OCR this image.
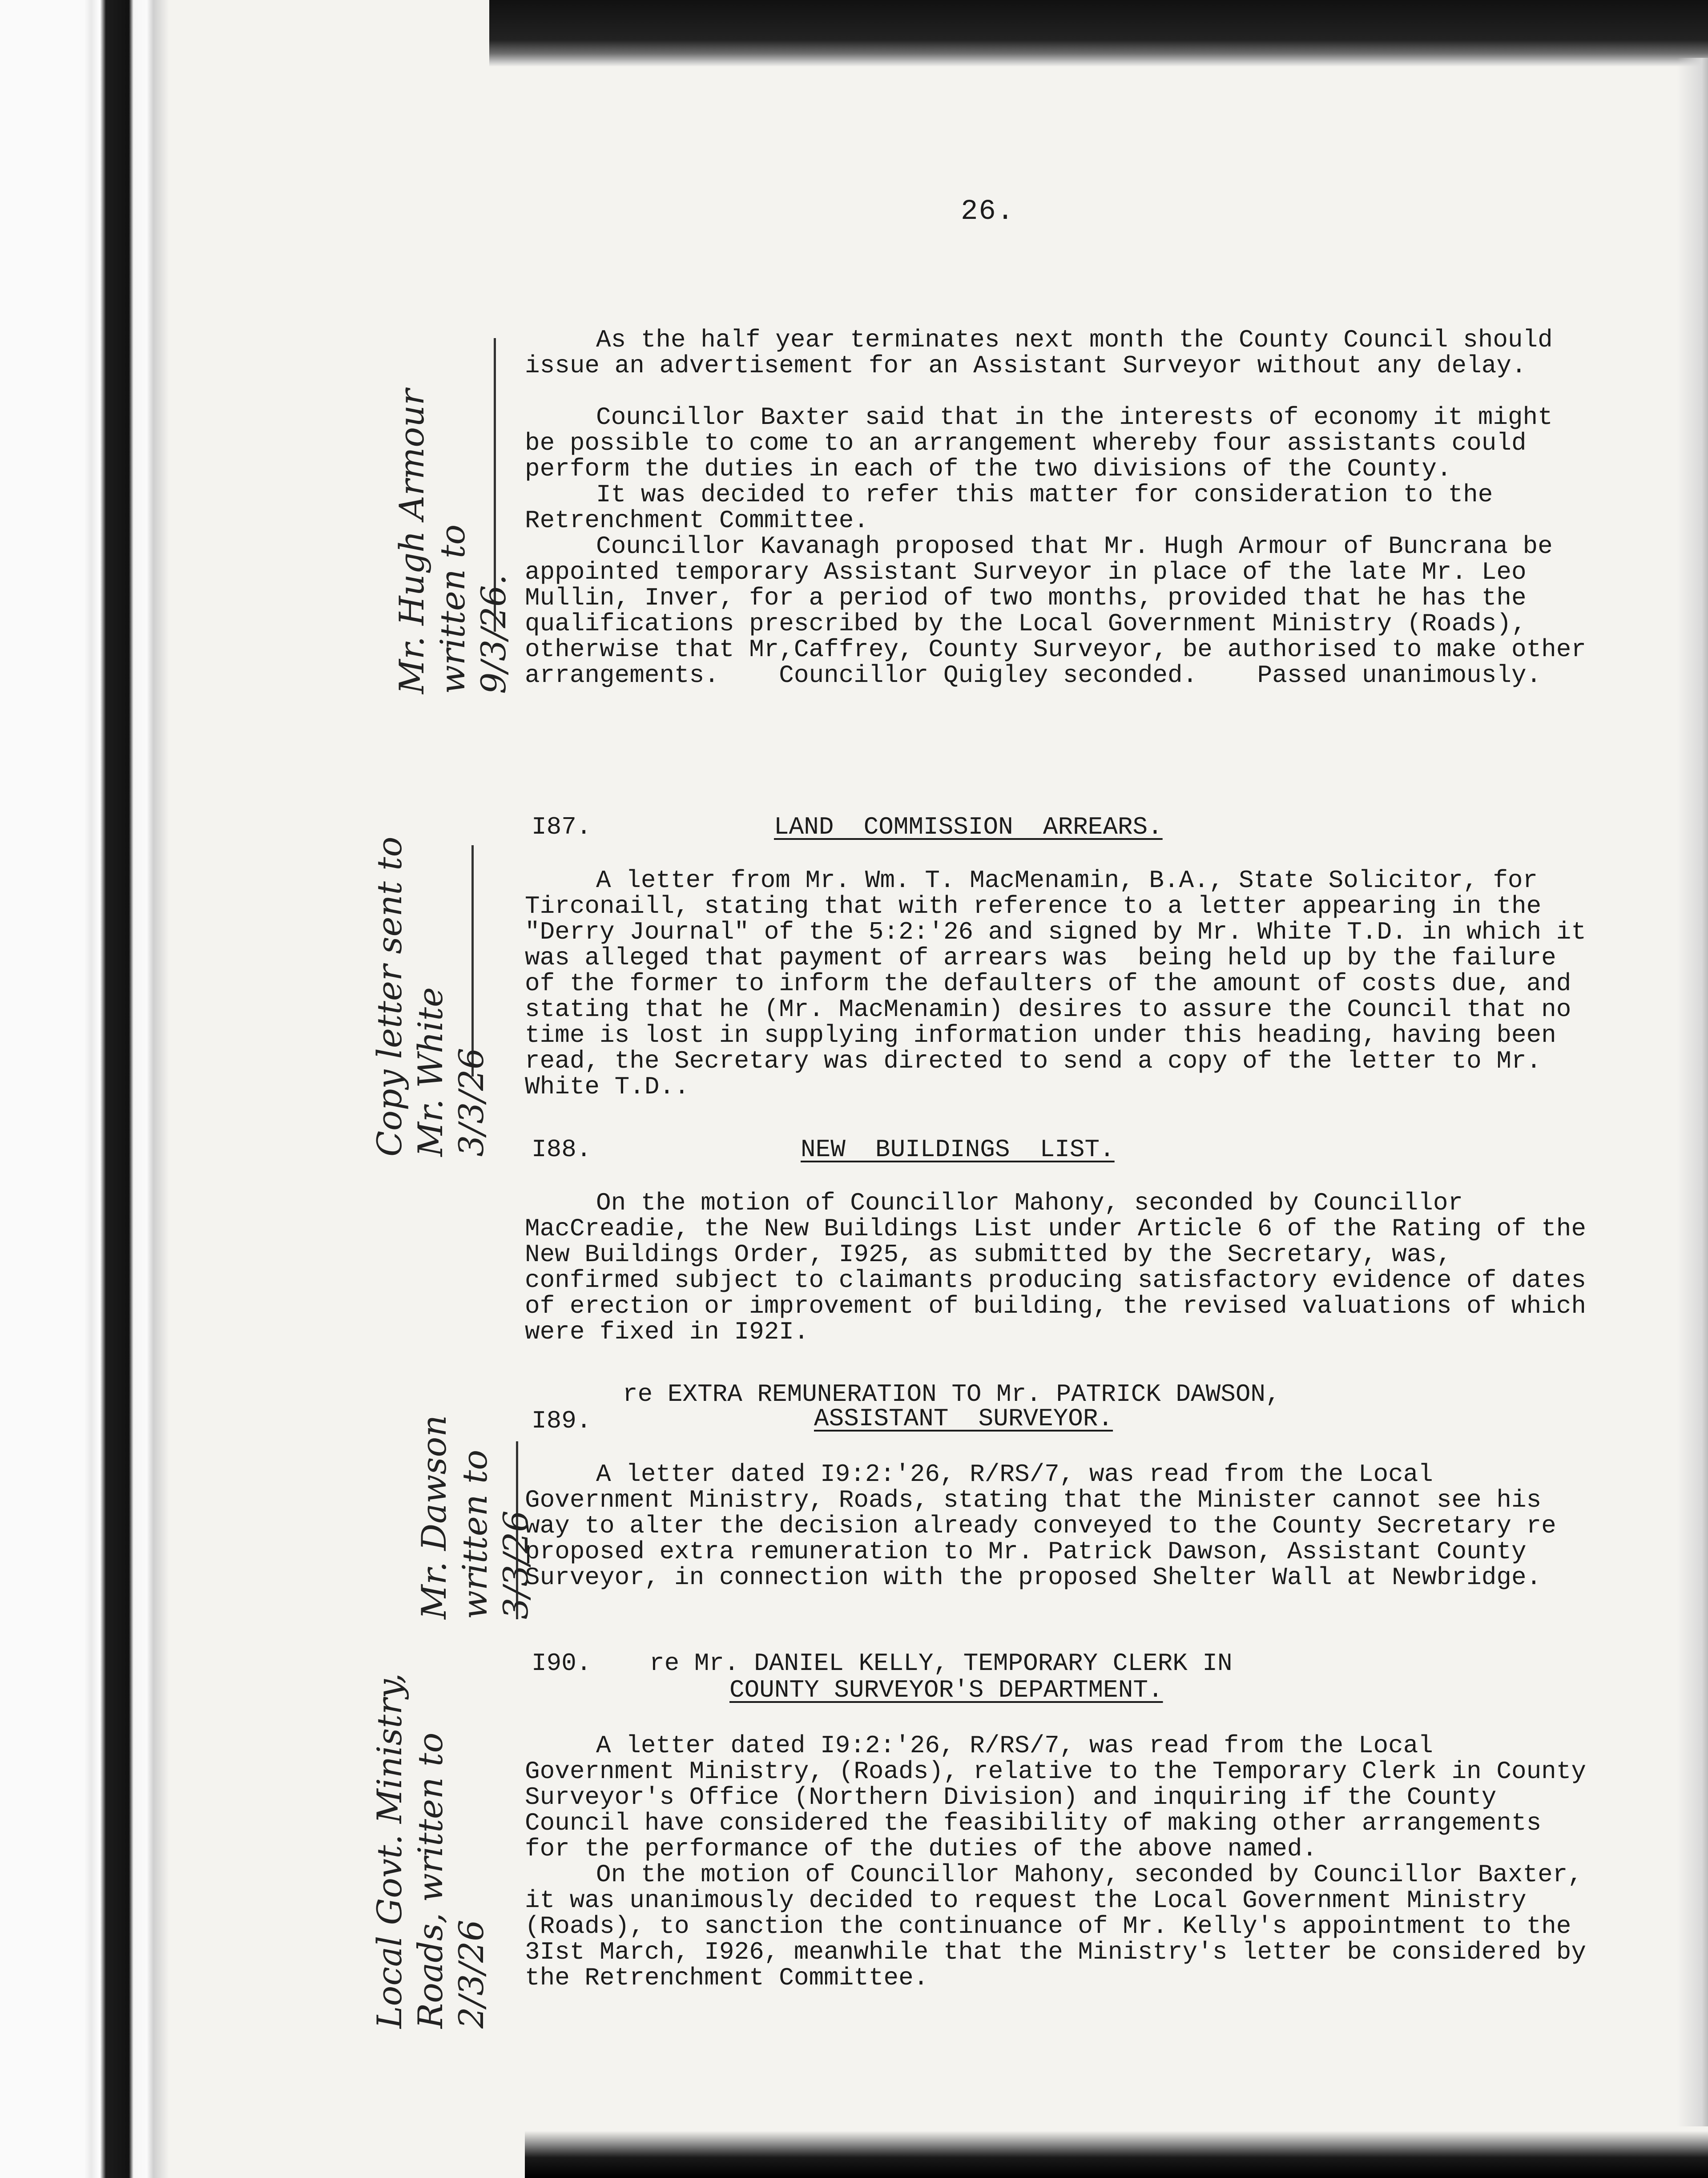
26.

As the half year terminates next month the County Council should issue an advertisement for an Assistant Surveyor without any delay.

Councillor Baxter said that in the interests of economy it might be possible to come to an arrangement whereby four assistants could perform the duties in each of the two divisions of the County.

It was decided to refer this matter for consideration to the Retrenchment Committee.

Councillor Kavanagh proposed that Mr. Hugh Armour of Buncrana be appointed temporary Assistant Surveyor in place of the late Mr. Leo Mullin, Inver, for a period of two months, provided that he has the qualifications prescribed by the Local Government Ministry (Roads), otherwise that Mr,Caffrey, County Surveyor, be authorised to make other arrangements.    Councillor Quigley seconded.    Passed unanimously.

I87.	LAND  COMMISSION  ARREARS.

A letter from Mr. Wm. T. MacMenamin, B.A., State Solicitor, for Tirconaill, stating that with reference to a letter appearing in the "Derry Journal" of the 5:2:'26 and signed by Mr. White T.D. in which it was alleged that payment of arrears was  being held up by the failure of the former to inform the defaulters of the amount of costs due, and stating that he (Mr. MacMenamin) desires to assure the Council that no time is lost in supplying information under this heading, having been read, the Secretary was directed to send a copy of the letter to Mr. White T.D..

I88.	NEW  BUILDINGS  LIST.

On the motion of Councillor Mahony, seconded by Councillor MacCreadie, the New Buildings List under Article 6 of the Rating of the New Buildings Order, I925, as submitted by the Secretary, was, confirmed subject to claimants producing satisfactory evidence of dates of erection or improvement of building, the revised valuations of which were fixed in I92I.

re EXTRA REMUNERATION TO Mr. PATRICK DAWSON,
I89.	ASSISTANT  SURVEYOR.

A letter dated I9:2:'26, R/RS/7, was read from the Local Government Ministry, Roads, stating that the Minister cannot see his way to alter the decision already conveyed to the County Secretary re proposed extra remuneration to Mr. Patrick Dawson, Assistant County Surveyor, in connection with the proposed Shelter Wall at Newbridge.

I90. re Mr. DANIEL KELLY, TEMPORARY CLERK IN
COUNTY SURVEYOR'S DEPARTMENT.

A letter dated I9:2:'26, R/RS/7, was read from the Local Government Ministry, (Roads), relative to the Temporary Clerk in County Surveyor's Office (Northern Division) and inquiring if the County Council have considered the feasibility of making other arrangements for the performance of the duties of the above named.

On the motion of Councillor Mahony, seconded by Councillor Baxter, it was unanimously decided to request the Local Government Ministry (Roads), to sanction the continuance of Mr. Kelly's appointment to the 3Ist March, I926, meanwhile that the Ministry's letter be considered by the Retrenchment Committee.

Mr. Hugh Armour
written to
9/3/26.
Copy letter sent to
Mr. White
3/3/26
Mr. Dawson
written to
3/3/26
Local Govt. Ministry,
Roads, written to
2/3/26
